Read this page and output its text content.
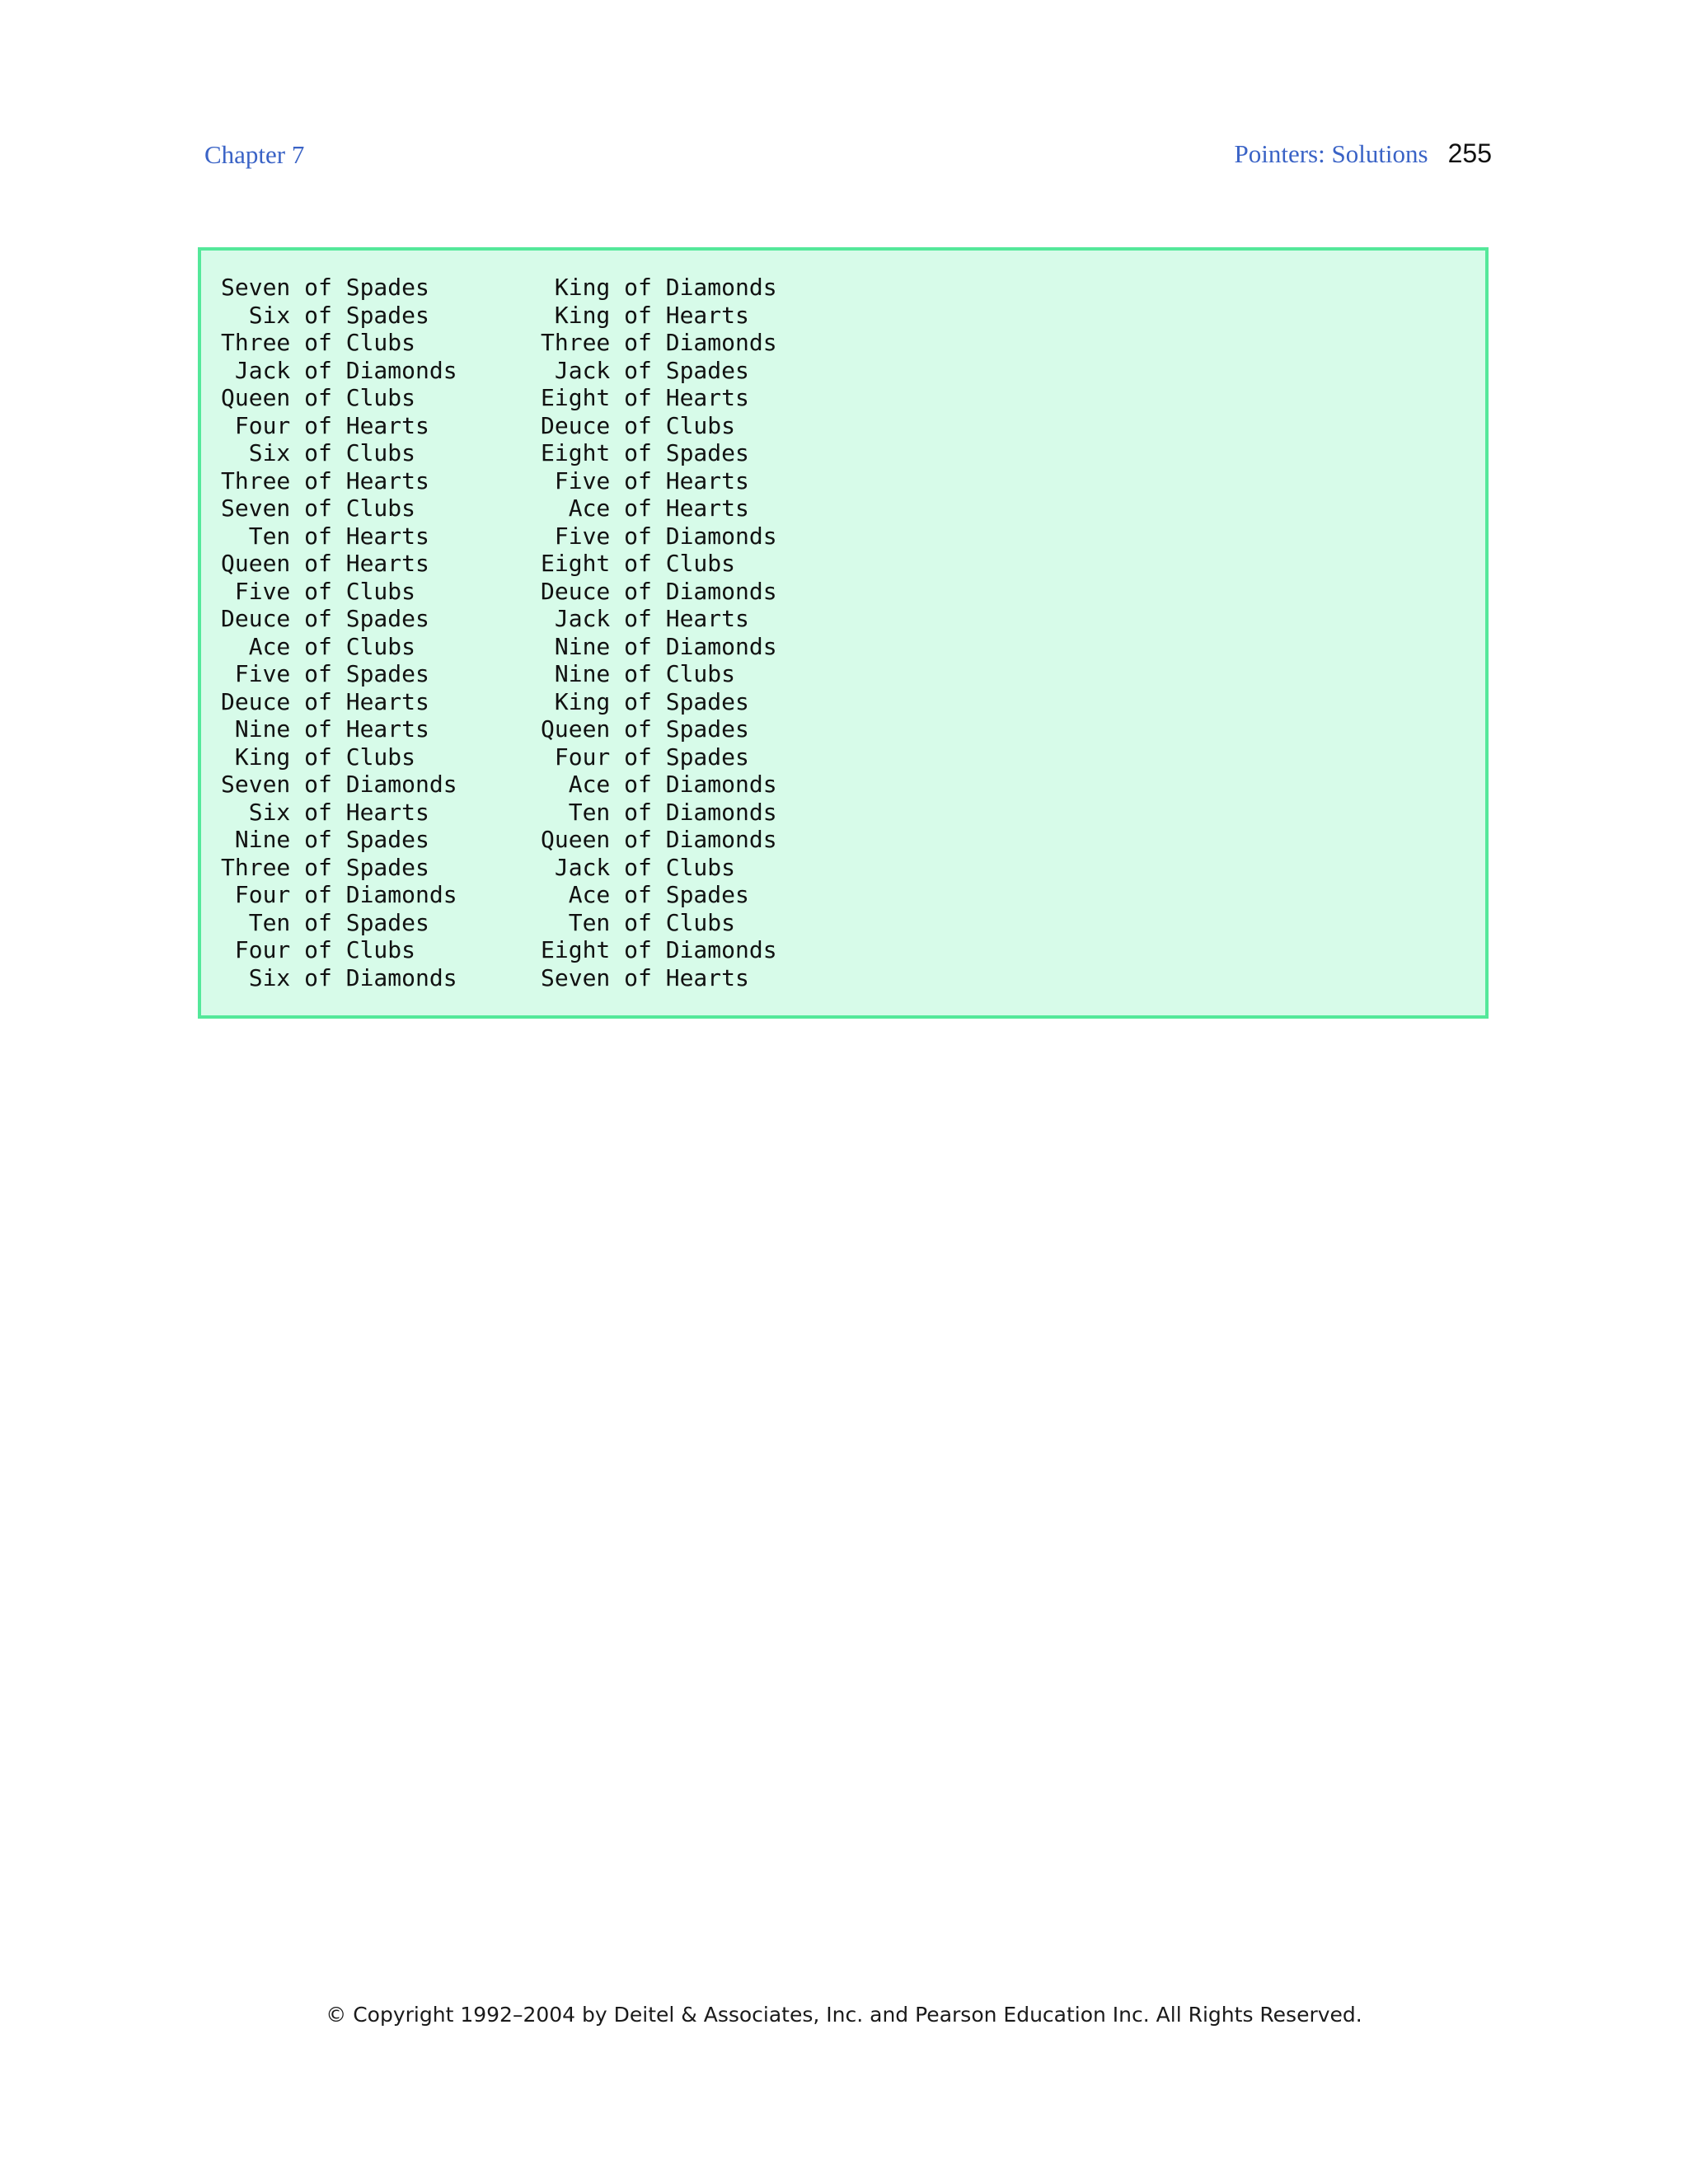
Chapter 7	Pointers: Solutions 255
Seven of Spades
Six of Spades
Three of Clubs
Jack of Diamonds
Queen of Clubs
Four of Hearts
Six of Clubs
Three of Hearts
Seven of Clubs
Ten of Hearts
Queen of Hearts
Five of Clubs
Deuce of Spades
Ace of Clubs
Five of Spades
Deuce of Hearts
Nine of Hearts
King of Clubs
Seven of Diamonds
Six of Hearts
Nine of Spades
Three of Spades
Four of Diamonds
Ten of Spades
Four of Clubs
Six of Diamonds
King of Diamonds
King of Hearts
Three of Diamonds
Jack of Spades
Eight of Hearts
Deuce of Clubs
Eight of Spades
Five of Hearts
Ace of Hearts
Five of Diamonds
Eight of Clubs
Deuce of Diamonds
Jack of Hearts
Nine of Diamonds
Nine of Clubs
King of Spades
Queen of Spades
Four of Spades
Ace of Diamonds
Ten of Diamonds
Queen of Diamonds
Jack of Clubs
Ace of Spades
Ten of Clubs
Eight of Diamonds
Seven of Hearts
© Copyright 1992–2004 by Deitel & Associates, Inc. and Pearson Education Inc. All Rights Reserved.
